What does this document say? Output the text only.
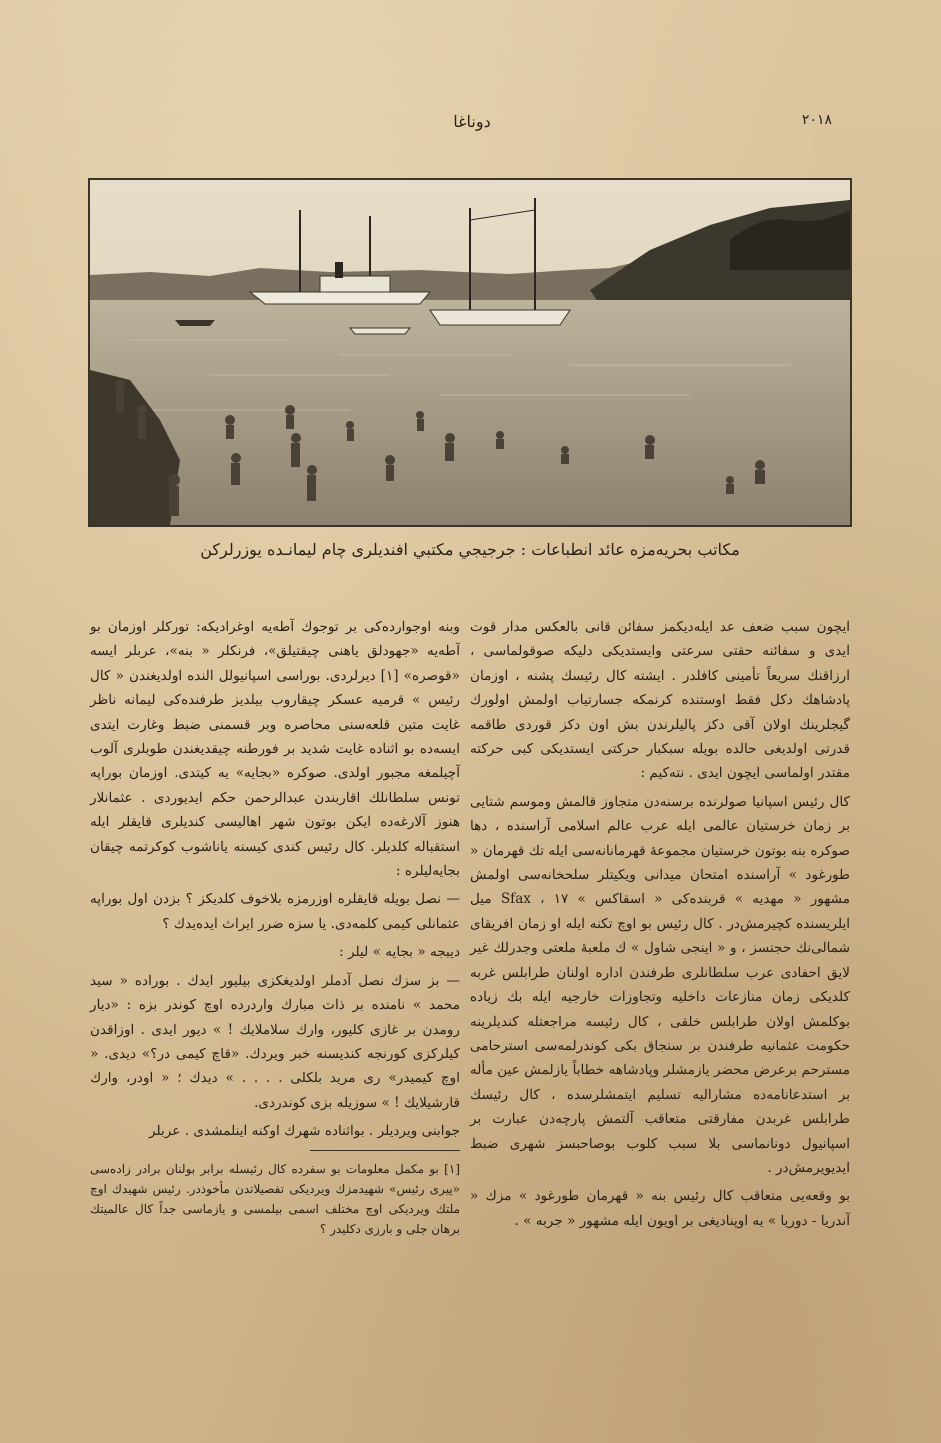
٢٠١٨
دوناغا
مكاتب بحريه‌مزه عائد انطباعات : جرجيجي مكتبي افنديلری چام لیمانـده یوزرلركن

ایچون سبب ضعف عد ایله‌دیکمز سفائن قانی بالعکس مدار قوت ایدی و سفائنه حقتی سرعتی وایستدیکی دلیکه صوقولماسی ، ارزاقنك سريعاً تأمینی کافلدر . ایشته کال رئیسك پشنه ، اوزمان پادشاهك دکل فقط اوستنده کرنمکه جسارتیاب اولمش اولورك گیجلرینك اولان آقی دکز پالیلرندن بش اون دکز قوردی طاقمه قدرتی اولدیغی حالده بویله سبکبار حرکتی ایستدیکی کبی حرکته مقتدر اولماسی ایچون ایدی . نته‌کیم :

کال رئیس اسپانیا صولرنده برسنه‌دن متجاوز قالمش وموسم شتایی بر زمان خرستیان عالمی ایله عرب عالم اسلامی آراسنده ، دها صوکره بنه بوتون خرستیان مجموعهٔ قهرمانانه‌سی ایله تك قهرمان « طورغود » آراسنده امتحان میدانی ویکیتلر سلحخانه‌سی اولمش مشهور « مهدیه » قربنده‌کی « اسقاکس » Sfax ، ۱۷ میل ایلریسنده کچیرمش‌در . کال رئیس بو اوچ تکنه ایله او زمان افریقای شمالی‌نك حجتسز ، و « اینجی شاول » ك ملعبهٔ ملعتی وجدرلك غیر لایق احفادی عرب سلطانلری طرفندن اداره اولنان طرابلس غربه کلدیکی زمان منازعات داخلیه وتجاوزات خارجیه ایله بك زیاده بوکلمش اولان طرابلس خلقی ، کال رئیسه مراجعتله کندیلرینه حکومت عثمانیه طرفندن بر سنجاق بکی کوندرلمه‌سی استرحامی مسترحم برعرض محضر یازمشلر وپادشاهه خطاباً یازلمش عین مأله بر استدعانامه‌ده مشارالیه تسلیم ایتمشلرسده ، کال رئیسك طرابلس غربدن مفارقتی متعاقب آلتمش پارچه‌دن عبارت بر اسپانیول دونانماسی بلا سبب کلوب بوصاحبسز شهری ضبط ایدیویرمش‌در .

بو وقعه‌یی متعاقب کال رئیس بنه « قهرمان طورغود » مزك « آندریا - دوریا » یه اوپنادیغی بر اویون ایله مشهور « جربه » .

وبنه اوجوارده‌کی بر توجوك آطه‌یه اوغرادیکه: تورکلر اوزمان بو آطه‌یه «جهودلق یاهنی چیقتیلق»، فرنکلر « بنه»، عربلر ایسه «قوصره» [۱] دیرلردی. بوراسی اسپانیولل النده اولدیغندن « کال رئیس » قرمیه عسکر چیقاروب بیلدیز طرفنده‌کی لیمانه ناظر غایت متین قلعه‌سنی محاصره وبر قسمنی ضبط وغارت ایتدی ایسه‌ده بو اثناده غایت شدید بر فورطنه چیقدیغندن طوبلری آلوب آچیلمغه مجبور اولدی. صوکره «بجایه» یه کیتدی. اوزمان بوراپه تونس سلطانلك اقاربندن عبدالرحمن حکم ایدیوردی . عثمانلار هنوز آلارغه‌ده ایکن بوتون شهر اهالیسی کندیلری قایقلر ایله استقباله کلدیلر. کال رئیس کندی کیسنه یاناشوب کوکرتمه چیقان بجایه‌لیلره :

— نصل بویله قایقلره اوزرمزه بلاخوف کلدیکز ؟ بزدن اول بوراپه عثمانلی کیمی کلمه‌دی. یا سزه ضرر ایراث ایده‌یدك ؟

دیبجه « بجایه » لیلر :

— بز سزك نصل آدملر اولدیغکزی بیلیور ایدك . بوراده « سید محمد » نامنده بر ذات مبارك واردرده اوچ کوندر بزه : «دیار رومدن بر غازی کلیور، وارك سلاملایك ! » دیور ایدی . اوزاقدن کیلرکزی کورنجه کندیسنه خبر ویردك. «قاچ کیمی در؟» دیدی. « اوچ کیمیدر» ری مرید بلکلی . . . . » دیدك ؛ « اودر، وارك قارشیلایك ! » سوزیله بزی کوندردی.

جوابنی ویردیلر . بواثناده شهرك اوکنه اینلمشدی . عربلر

[۱] بو مکمل معلومات بو سفرده کال رئیسله برابر بولنان برادر زاده‌سی «پیری رئیس» شهیدمزك ویردیکی تفصیلاتدن مأخوذدر. رئیس شهیدك اوچ ملتك ویردیکی اوچ مختلف اسمی بیلمسی و یازماسی جداً کال عالمیتك برهان جلی و بارزی دکلیدر ؟
